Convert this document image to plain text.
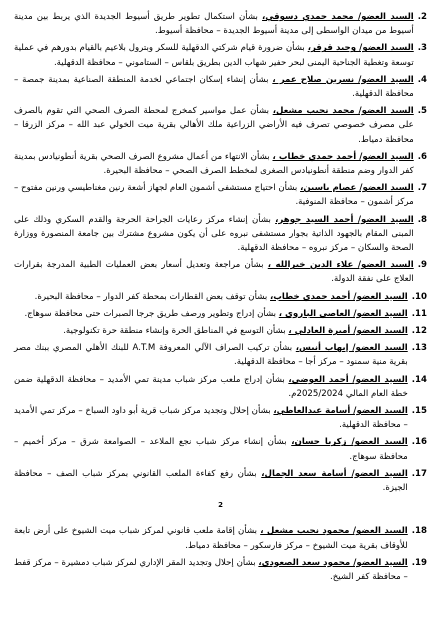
2.
السيد العضو/ محمد حمدي دسوقي، بشأن استكمال تطوير طريق أسيوط الجديدة الذي يربط بين مدينة أسيوط من ميدان الواسطى إلى مدينة أسيوط الجديدة – محافظة أسيوط.
3.
السيد العضو/ وحيد قرقر، بشأن ضرورة قيام شركتي الدقهلية للسكر وبترول بلاعيم بالقيام بدورهم في عملية توسعة وتغطية الجناحية اليمنى لبحر حفير شهاب الدين بطريق بلقاس – الستاموني – محافظة الدقهلية.
4.
السيد العضو/ نسرين صلاح عمر ، بشأن إنشاء إسكان اجتماعي لخدمة المنطقة الصناعية بمدينة جمصة – محافظة الدقهلية.
5.
السيد العضو/ محمد نجيب مشعل، بشأن عمل مواسير كمخرج لمحطة الصرف الصحي التي تقوم بالصرف على مصرف خصوصي تصرف فيه الأراضي الزراعية ملك الأهالي بقرية ميت الخولي عبد الله – مركز الزرقا – محافظة دمياط.
6.
السيد العضو/ أحمد حمدي خطاب ، بشأن الانتهاء من أعمال مشروع الصرف الصحي بقرية أنطونيادس بمدينة كفر الدوار وضم منطقة أنطونيادس الصغرى لمخطط الصرف الصحي – محافظة البحيرة.
7.
السيد العضو/ عصام ياسين، بشأن احتياج مستشفى أشمون العام لجهاز أشعة رنين مغناطيسي ورنين مفتوح – مركز أشمون – محافظة المنوفية.
8.
السيد العضو/ أحمد السيد جوهر، بشأن إنشاء مركز رعايات الجراحة الحرجة والقدم السكري وذلك على المبنى المقام بالجهود الذاتية بجوار مستشفى نبروه على أن يكون مشروع مشترك بين جامعة المنصورة ووزارة الصحة والسكان – مركز نبروه – محافظة الدقهلية.
9.
السيد العضو/ علاء الدين خيرالله ، بشأن مراجعة وتعديل أسعار بعض العمليات الطبية المدرجة بقرارات العلاج على نفقة الدولة.
10.
السيد العضو/ أحمد حمدي خطاب، بشأن توقف بعض القطارات بمحطة كفر الدوار – محافظة البحيرة.
11.
السيد العضو/ العاصي الباروي ، بشأن إدراج وتطوير ورصف طريق جرجا الصبرات حتى محافظة سوهاج.
12.
السيد العضو/ أميرة العادلي ، بشأن التوسع في المناطق الحرة وإنشاء منطقة حرة تكنولوجية.
13.
السيد العضو/ إيهاب أنيس، بشأن تركيب الصراف الآلي المعروفة A.T.M للبنك الأهلي المصري ببنك مصر بقرية منية سمنود – مركز أجا – محافظة الدقهلية.
14.
السيد العضو/ أحمد العوضي، بشأن إدراج ملعب مركز شباب مدينة تمي الأمديد – محافظة الدقهلية ضمن خطة العام المالي 2025/2024م.
15.
السيد العضو/ أسامة عبدالعاطي، بشأن إحلال وتجديد مركز شباب قرية أبو داود السباخ – مركز تمي الأمديد – محافظة الدقهلية.
16.
السيد العضو/ زكريا حسان، بشأن إنشاء مركز شباب نجع الملاعد – الصوامعة شرق – مركز أخميم – محافظة سوهاج.
17.
السيد العضو/ أسامة سعد الجمال، بشأن رفع كفاءة الملعب القانوني بمركز شباب الصف – محافظة الجيزة.
2
18.
السيد العضو/ محمود نجيب مشعل ، بشأن إقامة ملعب قانوني لمركز شباب ميت الشيوخ على أرض تابعة للأوقاف بقرية ميت الشيوخ – مركز فارسكور – محافظة دمياط.
19.
السيد العضو/ محمود سعد الصعودي، بشأن إحلال وتجديد المقر الإداري لمركز شباب دمشيرة – مركز قفط – محافظة كفر الشيخ.
